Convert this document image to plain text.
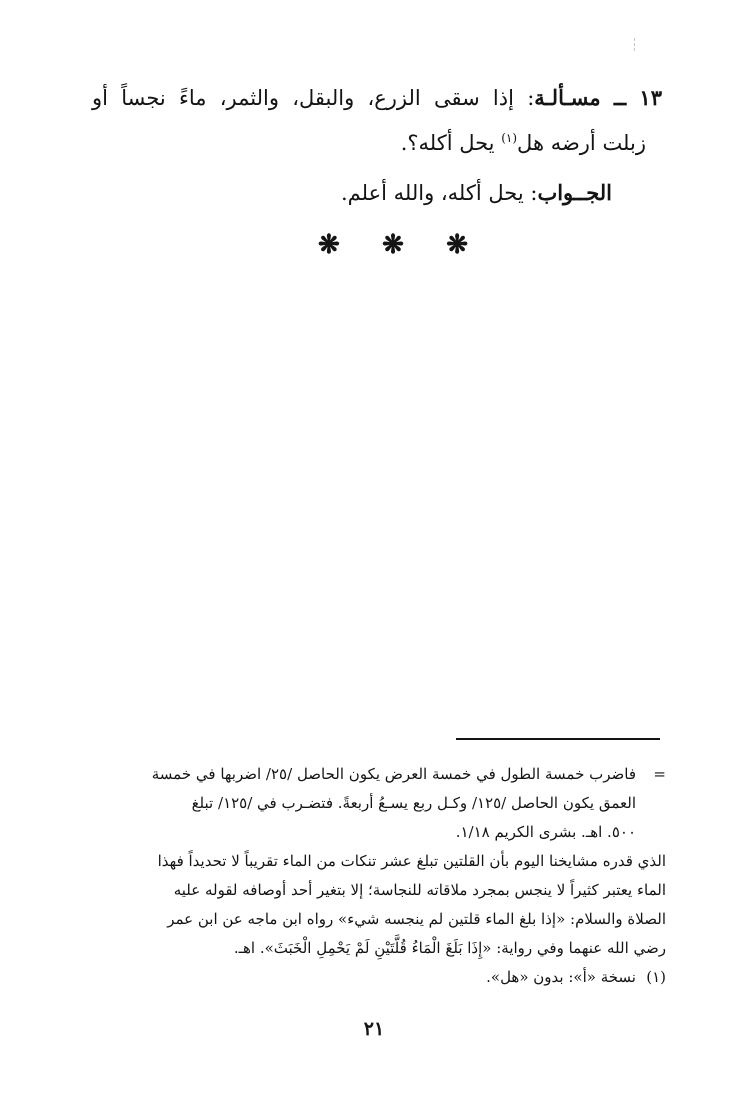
١٣ ــ مسـألـة: إذا سقى الزرع، والبقل، والثمر، ماءً نجساً أو
زبلت أرضه هل$^{(١)}$ يحل أكله؟.
الجــواب: يحل أكله، والله أعلم.
❋ ❋ ❋
=

فاضرب خمسة الطول في خمسة العرض يكون الحاصل /٢٥/ اضربها في خمسة

العمق يكون الحاصل /١٢٥/ وكـل ربع يسـعُ أربعةً. فتضـرب في /١٢٥/ تبلغ

٥٠٠. اهـ. بشرى الكريم ١/١٨.

الذي قدره مشايخنا اليوم بأن القلتين تبلغ عشر تنكات من الماء تقريباً لا تحديداً فهذا

الماء يعتبر كثيراً لا ينجس بمجرد ملاقاته للنجاسة؛ إلا بتغير أحد أوصافه لقوله عليه

الصلاة والسلام: «إذا بلغ الماء قلتين لم ينجسه شيء» رواه ابن ماجه عن ابن عمر

رضي الله عنهما وفي رواية: «إِذَا بَلَغَ الْمَاءُ قُلَّتَيْنِ لَمْ يَحْمِلِ الْخَبَثَ». اهـ.

(١)

نسخة «أ»: بدون «هل».

٢١
